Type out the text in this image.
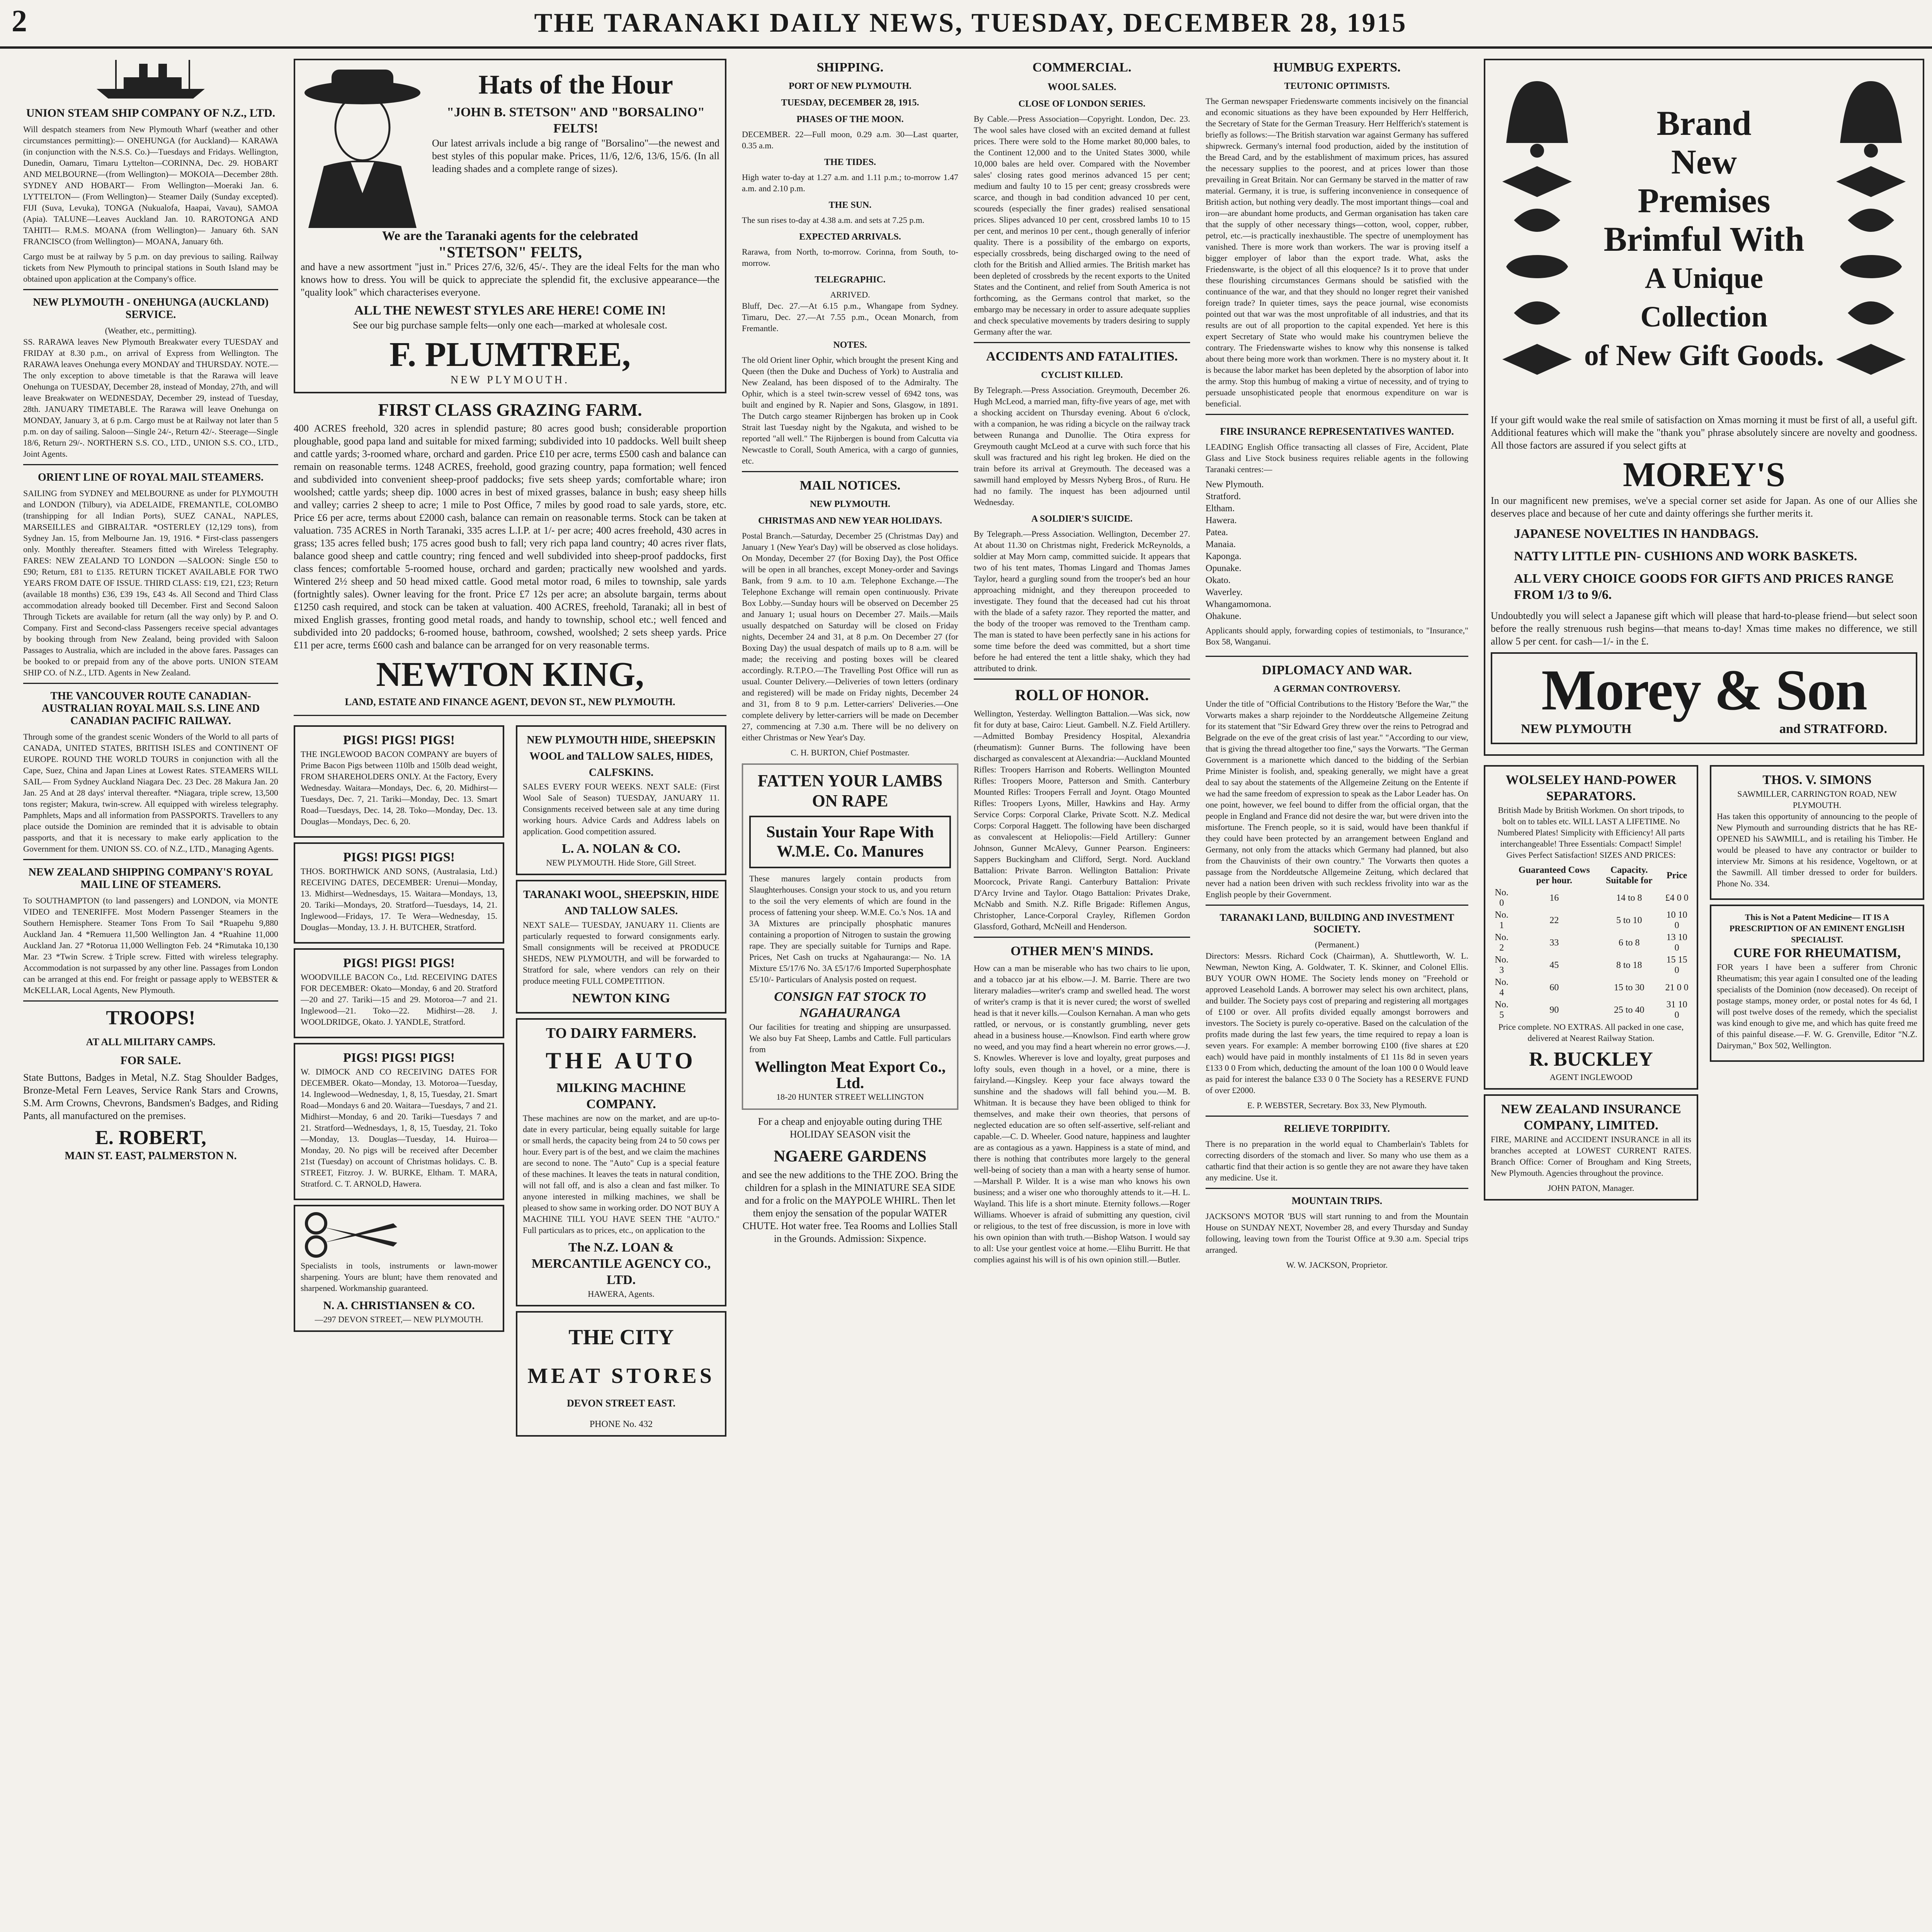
2	THE TARANAKI DAILY NEWS, TUESDAY, DECEMBER 28, 1915
UNION STEAM SHIP COMPANY OF N.Z., LTD.

Will despatch steamers from New Plymouth Wharf (weather and other circumstances permitting):— ONEHUNGA (for Auckland)— KARAWA (in conjunction with the N.S.S. Co.)—Tuesdays and Fridays. Wellington, Dunedin, Oamaru, Timaru Lyttelton—CORINNA, Dec. 29. HOBART AND MELBOURNE—(from Wellington)— MOKOIA—December 28th. SYDNEY AND HOBART— From Wellington—Moeraki Jan. 6. LYTTELTON— (From Wellington)— Steamer Daily (Sunday excepted). FIJI (Suva, Levuka), TONGA (Nukualofa, Haapai, Vavau), SAMOA (Apia). TALUNE—Leaves Auckland Jan. 10. RAROTONGA AND TAHITI— R.M.S. MOANA (from Wellington)— January 6th. SAN FRANCISCO (from Wellington)— MOANA, January 6th.

Cargo must be at railway by 5 p.m. on day previous to sailing. Railway tickets from New Plymouth to principal stations in South Island may be obtained upon application at the Company's office.

NEW PLYMOUTH - ONEHUNGA (AUCKLAND) SERVICE.
(Weather, etc., permitting).

SS. RARAWA leaves New Plymouth Breakwater every TUESDAY and FRIDAY at 8.30 p.m., on arrival of Express from Wellington. The RARAWA leaves Onehunga every MONDAY and THURSDAY. NOTE.—The only exception to above timetable is that the Rarawa will leave Onehunga on TUESDAY, December 28, instead of Monday, 27th, and will leave Breakwater on WEDNESDAY, December 29, instead of Tuesday, 28th. JANUARY TIMETABLE. The Rarawa will leave Onehunga on MONDAY, January 3, at 6 p.m. Cargo must be at Railway not later than 5 p.m. on day of sailing. Saloon—Single 24/-, Return 42/-. Steerage—Single 18/6, Return 29/-. NORTHERN S.S. CO., LTD., UNION S.S. CO., LTD., Joint Agents.

ORIENT LINE OF ROYAL MAIL STEAMERS.

SAILING from SYDNEY and MELBOURNE as under for PLYMOUTH and LONDON (Tilbury), via ADELAIDE, FREMANTLE, COLOMBO (transhipping for all Indian Ports), SUEZ CANAL, NAPLES, MARSEILLES and GIBRALTAR. *OSTERLEY (12,129 tons), from Sydney Jan. 15, from Melbourne Jan. 19, 1916. * First-class passengers only. Monthly thereafter. Steamers fitted with Wireless Telegraphy. FARES: NEW ZEALAND TO LONDON —SALOON: Single £50 to £90; Return, £81 to £135. RETURN TICKET AVAILABLE FOR TWO YEARS FROM DATE OF ISSUE. THIRD CLASS: £19, £21, £23; Return (available 18 months) £36, £39 19s, £43 4s. All Second and Third Class accommodation already booked till December. First and Second Saloon Through Tickets are available for return (all the way only) by P. and O. Company. First and Second-class Passengers receive special advantages by booking through from New Zealand, being provided with Saloon Passages to Australia, which are included in the above fares. Passages can be booked to or prepaid from any of the above ports. UNION STEAM SHIP CO. of N.Z., LTD. Agents in New Zealand.

THE VANCOUVER ROUTE CANADIAN-AUSTRALIAN ROYAL MAIL S.S. LINE AND CANADIAN PACIFIC RAILWAY.

Through some of the grandest scenic Wonders of the World to all parts of CANADA, UNITED STATES, BRITISH ISLES and CONTINENT OF EUROPE. ROUND THE WORLD TOURS in conjunction with all the Cape, Suez, China and Japan Lines at Lowest Rates. STEAMERS WILL SAIL— From Sydney Auckland Niagara Dec. 23 Dec. 28 Makura Jan. 20 Jan. 25 And at 28 days' interval thereafter. *Niagara, triple screw, 13,500 tons register; Makura, twin-screw. All equipped with wireless telegraphy. Pamphlets, Maps and all information from PASSPORTS. Travellers to any place outside the Dominion are reminded that it is advisable to obtain passports, and that it is necessary to make early application to the Government for them. UNION SS. CO. of N.Z., LTD., Managing Agents.

NEW ZEALAND SHIPPING COMPANY'S ROYAL MAIL LINE OF STEAMERS.

To SOUTHAMPTON (to land passengers) and LONDON, via MONTE VIDEO and TENERIFFE. Most Modern Passenger Steamers in the Southern Hemisphere. Steamer Tons From To Sail *Ruapehu 9,880 Auckland Jan. 4 *Remuera 11,500 Wellington Jan. 4 *Ruahine 11,000 Auckland Jan. 27 *Rotorua 11,000 Wellington Feb. 24 *Rimutaka 10,130 Mar. 23 *Twin Screw. ‡Triple screw. Fitted with wireless telegraphy. Accommodation is not surpassed by any other line. Passages from London can be arranged at this end. For freight or passage apply to WEBSTER & McKELLAR, Local Agents, New Plymouth.

TROOPS!
AT ALL MILITARY CAMPS.
FOR SALE.

State Buttons, Badges in Metal, N.Z. Stag Shoulder Badges, Bronze-Metal Fern Leaves, Service Rank Stars and Crowns, S.M. Arm Crowns, Chevrons, Bandsmen's Badges, and Riding Pants, all manufactured on the premises.

E. ROBERT,
MAIN ST. EAST, PALMERSTON N.
Hats of the Hour
"JOHN B. STETSON" AND "BORSALINO" FELTS!

Our latest arrivals include a big range of "Borsalino"—the newest and best styles of this popular make. Prices, 11/6, 12/6, 13/6, 15/6. (In all leading shades and a complete range of sizes).

We are the Taranaki agents for the celebrated
"STETSON" FELTS,

and have a new assortment "just in." Prices 27/6, 32/6, 45/-. They are the ideal Felts for the man who knows how to dress. You will be quick to appreciate the splendid fit, the exclusive appearance—the "quality look" which characterises everyone.

ALL THE NEWEST STYLES ARE HERE! COME IN!

See our big purchase sample felts—only one each—marked at wholesale cost.

F. PLUMTREE,
NEW PLYMOUTH.
FIRST CLASS GRAZING FARM.

400 ACRES freehold, 320 acres in splendid pasture; 80 acres good bush; considerable proportion ploughable, good papa land and suitable for mixed farming; subdivided into 10 paddocks. Well built sheep and cattle yards; 3-roomed whare, orchard and garden. Price £10 per acre, terms £500 cash and balance can remain on reasonable terms. 1248 ACRES, freehold, good grazing country, papa formation; well fenced and subdivided into convenient sheep-proof paddocks; five sets sheep yards; comfortable whare; iron woolshed; cattle yards; sheep dip. 1000 acres in best of mixed grasses, balance in bush; easy sheep hills and valley; carries 2 sheep to acre; 1 mile to Post Office, 7 miles by good road to sale yards, store, etc. Price £6 per acre, terms about £2000 cash, balance can remain on reasonable terms. Stock can be taken at valuation. 735 ACRES in North Taranaki, 335 acres L.I.P. at 1/- per acre; 400 acres freehold, 430 acres in grass; 135 acres felled bush; 175 acres good bush to fall; very rich papa land country; 40 acres river flats, balance good sheep and cattle country; ring fenced and well subdivided into sheep-proof paddocks, first class fences; comfortable 5-roomed house, orchard and garden; practically new woolshed and yards. Wintered 2½ sheep and 50 head mixed cattle. Good metal motor road, 6 miles to township, sale yards (fortnightly sales). Owner leaving for the front. Price £7 12s per acre; an absolute bargain, terms about £1250 cash required, and stock can be taken at valuation. 400 ACRES, freehold, Taranaki; all in best of mixed English grasses, fronting good metal roads, and handy to township, school etc.; well fenced and subdivided into 20 paddocks; 6-roomed house, bathroom, cowshed, woolshed; 2 sets sheep yards. Price £11 per acre, terms £600 cash and balance can be arranged for on very reasonable terms.

NEWTON KING,
LAND, ESTATE AND FINANCE AGENT, DEVON ST., NEW PLYMOUTH.
PIGS! PIGS! PIGS!

THE INGLEWOOD BACON COMPANY are buyers of Prime Bacon Pigs between 110lb and 150lb dead weight, FROM SHAREHOLDERS ONLY. At the Factory, Every Wednesday. Waitara—Mondays, Dec. 6, 20. Midhirst—Tuesdays, Dec. 7, 21. Tariki—Monday, Dec. 13. Smart Road—Tuesdays, Dec. 14, 28. Toko—Monday, Dec. 13. Douglas—Mondays, Dec. 6, 20.

PIGS! PIGS! PIGS!

THOS. BORTHWICK AND SONS, (Australasia, Ltd.) RECEIVING DATES, DECEMBER: Urenui—Monday, 13. Midhirst—Wednesdays, 15. Waitara—Mondays, 13, 20. Tariki—Mondays, 20. Stratford—Tuesdays, 14, 21. Inglewood—Fridays, 17. Te Wera—Wednesday, 15. Douglas—Monday, 13. J. H. BUTCHER, Stratford.

PIGS! PIGS! PIGS!

WOODVILLE BACON Co., Ltd. RECEIVING DATES FOR DECEMBER: Okato—Monday, 6 and 20. Stratford—20 and 27. Tariki—15 and 29. Motoroa—7 and 21. Inglewood—21. Toko—22. Midhirst—28. J. WOOLDRIDGE, Okato. J. YANDLE, Stratford.

PIGS! PIGS! PIGS!

W. DIMOCK AND CO RECEIVING DATES FOR DECEMBER. Okato—Monday, 13. Motoroa—Tuesday, 14. Inglewood—Wednesday, 1, 8, 15, Tuesday, 21. Smart Road—Mondays 6 and 20. Waitara—Tuesdays, 7 and 21. Midhirst—Monday, 6 and 20. Tariki—Tuesdays 7 and 21. Stratford—Wednesdays, 1, 8, 15, Tuesday, 21. Toko—Monday, 13. Douglas—Tuesday, 14. Huiroa—Monday, 20. No pigs will be received after December 21st (Tuesday) on account of Christmas holidays. C. B. STREET, Fitzroy. J. W. BURKE, Eltham. T. MARA, Stratford. C. T. ARNOLD, Hawera.

Specialists in tools, instruments or lawn-mower sharpening. Yours are blunt; have them renovated and sharpened. Workmanship guaranteed.

N. A. CHRISTIANSEN & CO.
—297 DEVON STREET,— NEW PLYMOUTH.
NEW PLYMOUTH HIDE, SHEEPSKIN WOOL and TALLOW SALES, HIDES, CALFSKINS.

SALES EVERY FOUR WEEKS. NEXT SALE: (First Wool Sale of Season) TUESDAY, JANUARY 11. Consignments received between sale at any time during working hours. Advice Cards and Address labels on application. Good competition assured.

L. A. NOLAN & CO.
NEW PLYMOUTH. Hide Store, Gill Street.
TARANAKI WOOL, SHEEPSKIN, HIDE AND TALLOW SALES.

NEXT SALE— TUESDAY, JANUARY 11. Clients are particularly requested to forward consignments early. Small consignments will be received at PRODUCE SHEDS, NEW PLYMOUTH, and will be forwarded to Stratford for sale, where vendors can rely on their produce meeting FULL COMPETITION.

NEWTON KING
TO DAIRY FARMERS.
THE AUTO
MILKING MACHINE COMPANY.

These machines are now on the market, and are up-to-date in every particular, being equally suitable for large or small herds, the capacity being from 24 to 50 cows per hour. Every part is of the best, and we claim the machines are second to none. The "Auto" Cup is a special feature of these machines. It leaves the teats in natural condition, will not fall off, and is also a clean and fast milker. To anyone interested in milking machines, we shall be pleased to show same in working order. DO NOT BUY A MACHINE TILL YOU HAVE SEEN THE "AUTO." Full particulars as to prices, etc., on application to the

The N.Z. LOAN & MERCANTILE AGENCY CO., LTD.
HAWERA, Agents.
THE CITY
MEAT STORES
DEVON STREET EAST.
PHONE No. 432
SHIPPING.
PORT OF NEW PLYMOUTH.
TUESDAY, DECEMBER 28, 1915.
PHASES OF THE MOON.

DECEMBER. 22—Full moon, 0.29 a.m. 30—Last quarter, 0.35 a.m.

THE TIDES.

High water to-day at 1.27 a.m. and 1.11 p.m.; to-morrow 1.47 a.m. and 2.10 p.m.

THE SUN.

The sun rises to-day at 4.38 a.m. and sets at 7.25 p.m.

EXPECTED ARRIVALS.

Rarawa, from North, to-morrow. Corinna, from South, to-morrow.

TELEGRAPHIC.
ARRIVED.

Bluff, Dec. 27.—At 6.15 p.m., Whangape from Sydney. Timaru, Dec. 27.—At 7.55 p.m., Ocean Monarch, from Fremantle.

NOTES.

The old Orient liner Ophir, which brought the present King and Queen (then the Duke and Duchess of York) to Australia and New Zealand, has been disposed of to the Admiralty. The Ophir, which is a steel twin-screw vessel of 6942 tons, was built and engined by R. Napier and Sons, Glasgow, in 1891. The Dutch cargo steamer Rijnbergen has broken up in Cook Strait last Tuesday night by the Ngakuta, and wished to be reported "all well." The Rijnbergen is bound from Calcutta via Newcastle to Corall, South America, with a cargo of gunnies, etc.

MAIL NOTICES.
NEW PLYMOUTH.
CHRISTMAS AND NEW YEAR HOLIDAYS.

Postal Branch.—Saturday, December 25 (Christmas Day) and January 1 (New Year's Day) will be observed as close holidays. On Monday, December 27 (for Boxing Day), the Post Office will be open in all branches, except Money-order and Savings Bank, from 9 a.m. to 10 a.m. Telephone Exchange.—The Telephone Exchange will remain open continuously. Private Box Lobby.—Sunday hours will be observed on December 25 and January 1; usual hours on December 27. Mails.—Mails usually despatched on Saturday will be closed on Friday nights, December 24 and 31, at 8 p.m. On December 27 (for Boxing Day) the usual despatch of mails up to 8 a.m. will be made; the receiving and posting boxes will be cleared accordingly. R.T.P.O.—The Travelling Post Office will run as usual. Counter Delivery.—Deliveries of town letters (ordinary and registered) will be made on Friday nights, December 24 and 31, from 8 to 9 p.m. Letter-carriers' Deliveries.—One complete delivery by letter-carriers will be made on December 27, commencing at 7.30 a.m. There will be no delivery on either Christmas or New Year's Day.

C. H. BURTON, Chief Postmaster.
FATTEN YOUR LAMBS ON RAPE
Sustain Your Rape With W.M.E. Co. Manures

These manures largely contain products from Slaughterhouses. Consign your stock to us, and you return to the soil the very elements of which are found in the process of fattening your sheep. W.M.E. Co.'s Nos. 1A and 3A Mixtures are principally phosphatic manures containing a proportion of Nitrogen to sustain the growing rape. They are specially suitable for Turnips and Rape. Prices, Net Cash on trucks at Ngahauranga:— No. 1A Mixture £5/17/6 No. 3A £5/17/6 Imported Superphosphate £5/10/- Particulars of Analysis posted on request.

CONSIGN FAT STOCK TO NGAHAURANGA

Our facilities for treating and shipping are unsurpassed. We also buy Fat Sheep, Lambs and Cattle. Full particulars from

Wellington Meat Export Co., Ltd.
18-20 HUNTER STREET WELLINGTON

For a cheap and enjoyable outing during THE HOLIDAY SEASON visit the

NGAERE GARDENS

and see the new additions to the THE ZOO. Bring the children for a splash in the MINIATURE SEA SIDE and for a frolic on the MAYPOLE WHIRL. Then let them enjoy the sensation of the popular WATER CHUTE. Hot water free. Tea Rooms and Lollies Stall in the Grounds. Admission: Sixpence.

COMMERCIAL.
WOOL SALES.
CLOSE OF LONDON SERIES.

By Cable.—Press Association—Copyright. London, Dec. 23. The wool sales have closed with an excited demand at fullest prices. There were sold to the Home market 80,000 bales, to the Continent 12,000 and to the United States 3000, while 10,000 bales are held over. Compared with the November sales' closing rates good merinos advanced 15 per cent; medium and faulty 10 to 15 per cent; greasy crossbreds were scarce, and though in bad condition advanced 10 per cent, scoureds (especially the finer grades) realised sensational prices. Slipes advanced 10 per cent, crossbred lambs 10 to 15 per cent, and merinos 10 per cent., though generally of inferior quality. There is a possibility of the embargo on exports, especially crossbreds, being discharged owing to the need of cloth for the British and Allied armies. The British market has been depleted of crossbreds by the recent exports to the United States and the Continent, and relief from South America is not forthcoming, as the Germans control that market, so the embargo may be necessary in order to assure adequate supplies and check speculative movements by traders desiring to supply Germany after the war.

ACCIDENTS AND FATALITIES.
CYCLIST KILLED.

By Telegraph.—Press Association. Greymouth, December 26. Hugh McLeod, a married man, fifty-five years of age, met with a shocking accident on Thursday evening. About 6 o'clock, with a companion, he was riding a bicycle on the railway track between Runanga and Dunollie. The Otira express for Greymouth caught McLeod at a curve with such force that his skull was fractured and his right leg broken. He died on the train before its arrival at Greymouth. The deceased was a sawmill hand employed by Messrs Nyberg Bros., of Ruru. He had no family. The inquest has been adjourned until Wednesday.

A SOLDIER'S SUICIDE.

By Telegraph.—Press Association. Wellington, December 27. At about 11.30 on Christmas night, Frederick McReynolds, a soldier at May Morn camp, committed suicide. It appears that two of his tent mates, Thomas Lingard and Thomas James Taylor, heard a gurgling sound from the trooper's bed an hour approaching midnight, and they thereupon proceeded to investigate. They found that the deceased had cut his throat with the blade of a safety razor. They reported the matter, and the body of the trooper was removed to the Trentham camp. The man is stated to have been perfectly sane in his actions for some time before the deed was committed, but a short time before he had entered the tent a little shaky, which they had attributed to drink.

ROLL OF HONOR.

Wellington, Yesterday. Wellington Battalion.—Was sick, now fit for duty at base, Cairo: Lieut. Gambell. N.Z. Field Artillery.—Admitted Bombay Presidency Hospital, Alexandria (rheumatism): Gunner Burns. The following have been discharged as convalescent at Alexandria:—Auckland Mounted Rifles: Troopers Harrison and Roberts. Wellington Mounted Rifles: Troopers Moore, Patterson and Smith. Canterbury Mounted Rifles: Troopers Ferrall and Joynt. Otago Mounted Rifles: Troopers Lyons, Miller, Hawkins and Hay. Army Service Corps: Corporal Clarke, Private Scott. N.Z. Medical Corps: Corporal Haggett. The following have been discharged as convalescent at Heliopolis:—Field Artillery: Gunner Johnson, Gunner McAlevy, Gunner Pearson. Engineers: Sappers Buckingham and Clifford, Sergt. Nord. Auckland Battalion: Private Barron. Wellington Battalion: Private Moorcock, Private Rangi. Canterbury Battalion: Private D'Arcy Irvine and Taylor. Otago Battalion: Privates Drake, McNabb and Smith. N.Z. Rifle Brigade: Riflemen Angus, Christopher, Lance-Corporal Crayley, Riflemen Gordon Glassford, Gothard, McNeill and Henderson.

OTHER MEN'S MINDS.

How can a man be miserable who has two chairs to lie upon, and a tobacco jar at his elbow.—J. M. Barrie. There are two literary maladies—writer's cramp and swelled head. The worst of writer's cramp is that it is never cured; the worst of swelled head is that it never kills.—Coulson Kernahan. A man who gets rattled, or nervous, or is constantly grumbling, never gets ahead in a business house.—Knowlson. Find earth where grow no weed, and you may find a heart wherein no error grows.—J. S. Knowles. Wherever is love and loyalty, great purposes and lofty souls, even though in a hovel, or a mine, there is fairyland.—Kingsley. Keep your face always toward the sunshine and the shadows will fall behind you.—M. B. Whitman. It is because they have been obliged to think for themselves, and make their own theories, that persons of neglected education are so often self-assertive, self-reliant and capable.—C. D. Wheeler. Good nature, happiness and laughter are as contagious as a yawn. Happiness is a state of mind, and there is nothing that contributes more largely to the general well-being of society than a man with a hearty sense of humor.—Marshall P. Wilder. It is a wise man who knows his own business; and a wiser one who thoroughly attends to it.—H. L. Wayland. This life is a short minute. Eternity follows.—Roger Williams. Whoever is afraid of submitting any question, civil or religious, to the test of free discussion, is more in love with his own opinion than with truth.—Bishop Watson. I would say to all: Use your gentlest voice at home.—Elihu Burritt. He that complies against his will is of his own opinion still.—Butler.

HUMBUG EXPERTS.
TEUTONIC OPTIMISTS.

The German newspaper Friedenswarte comments incisively on the financial and economic situations as they have been expounded by Herr Helfferich, the Secretary of State for the German Treasury. Herr Helfferich's statement is briefly as follows:—The British starvation war against Germany has suffered shipwreck. Germany's internal food production, aided by the institution of the Bread Card, and by the establishment of maximum prices, has assured the necessary supplies to the poorest, and at prices lower than those prevailing in Great Britain. Nor can Germany be starved in the matter of raw material. Germany, it is true, is suffering inconvenience in consequence of British action, but nothing very deadly. The most important things—coal and iron—are abundant home products, and German organisation has taken care that the supply of other necessary things—cotton, wool, copper, rubber, petrol, etc.—is practically inexhaustible. The spectre of unemployment has vanished. There is more work than workers. The war is proving itself a bigger employer of labor than the export trade. What, asks the Friedenswarte, is the object of all this eloquence? Is it to prove that under these flourishing circumstances Germans should be satisfied with the continuance of the war, and that they should no longer regret their vanished foreign trade? In quieter times, says the peace journal, wise economists pointed out that war was the most unprofitable of all industries, and that its results are out of all proportion to the capital expended. Yet here is this expert Secretary of State who would make his countrymen believe the contrary. The Friedenswarte wishes to know why this nonsense is talked about there being more work than workmen. There is no mystery about it. It is because the labor market has been depleted by the absorption of labor into the army. Stop this humbug of making a virtue of necessity, and of trying to persuade unsophisticated people that enormous expenditure on war is beneficial.

FIRE INSURANCE REPRESENTATIVES WANTED.

LEADING English Office transacting all classes of Fire, Accident, Plate Glass and Live Stock business requires reliable agents in the following Taranaki centres:—

New Plymouth.
Stratford.
Eltham.
Hawera.
Patea.
Manaia.
Kaponga.
Opunake.
Okato.
Waverley.
Whangamomona.
Ohakune.

Applicants should apply, forwarding copies of testimonials, to "Insurance," Box 58, Wanganui.

DIPLOMACY AND WAR.
A GERMAN CONTROVERSY.

Under the title of "Official Contributions to the History 'Before the War,'" the Vorwarts makes a sharp rejoinder to the Norddeutsche Allgemeine Zeitung for its statement that "Sir Edward Grey threw over the reins to Petrograd and Belgrade on the eve of the great crisis of last year." "According to our view, that is giving the thread altogether too fine," says the Vorwarts. "The German Government is a marionette which danced to the bidding of the Serbian Prime Minister is foolish, and, speaking generally, we might have a great deal to say about the statements of the Allgemeine Zeitung on the Entente if we had the same freedom of expression to speak as the Labor Leader has. On one point, however, we feel bound to differ from the official organ, that the people in England and France did not desire the war, but were driven into the misfortune. The French people, so it is said, would have been thankful if they could have been protected by an arrangement between England and Germany, not only from the attacks which Germany had planned, but also from the Chauvinists of their own country." The Vorwarts then quotes a passage from the Norddeutsche Allgemeine Zeitung, which declared that never had a nation been driven with such reckless frivolity into war as the English people by their Government.

TARANAKI LAND, BUILDING AND INVESTMENT SOCIETY.
(Permanent.)

Directors: Messrs. Richard Cock (Chairman), A. Shuttleworth, W. L. Newman, Newton King, A. Goldwater, T. K. Skinner, and Colonel Ellis. BUY YOUR OWN HOME. The Society lends money on "Freehold or approved Leasehold Lands. A borrower may select his own architect, plans, and builder. The Society pays cost of preparing and registering all mortgages of £100 or over. All profits divided equally amongst borrowers and investors. The Society is purely co-operative. Based on the calculation of the profits made during the last few years, the time required to repay a loan is seven years. For example: A member borrowing £100 (five shares at £20 each) would have paid in monthly instalments of £1 11s 8d in seven years £133 0 0 From which, deducting the amount of the loan 100 0 0 Would leave as paid for interest the balance £33 0 0 The Society has a RESERVE FUND of over £2000.

E. P. WEBSTER, Secretary. Box 33, New Plymouth.
RELIEVE TORPIDITY.

There is no preparation in the world equal to Chamberlain's Tablets for correcting disorders of the stomach and liver. So many who use them as a cathartic find that their action is so gentle they are not aware they have taken any medicine. Use it.

MOUNTAIN TRIPS.

JACKSON'S MOTOR 'BUS will start running to and from the Mountain House on SUNDAY NEXT, November 28, and every Thursday and Sunday following, leaving town from the Tourist Office at 9.30 a.m. Special trips arranged.

W. W. JACKSON, Proprietor.
Brand
New
Premises
Brimful With
A Unique Collection
of New Gift Goods.

If your gift would wake the real smile of satisfaction on Xmas morning it must be first of all, a useful gift. Additional features which will make the "thank you" phrase absolutely sincere are novelty and goodness. All those factors are assured if you select gifts at

MOREY'S

In our magnificent new premises, we've a special corner set aside for Japan. As one of our Allies she deserves place and because of her cute and dainty offerings she further merits it.

JAPANESE NOVELTIES IN HANDBAGS.
NATTY LITTLE PIN- CUSHIONS AND WORK BASKETS.
ALL VERY CHOICE GOODS FOR GIFTS AND PRICES RANGE FROM 1/3 to 9/6.

Undoubtedly you will select a Japanese gift which will please that hard-to-please friend—but select soon before the really strenuous rush begins—that means to-day! Xmas time makes no difference, we still allow 5 per cent. for cash—1/- in the £.

Morey & Son
NEW PLYMOUTH	and STRATFORD.
WOLSELEY HAND-POWER SEPARATORS.

British Made by British Workmen. On short tripods, to bolt on to tables etc. WILL LAST A LIFETIME. No Numbered Plates! Simplicity with Efficiency! All parts interchangeable! Three Essentials: Compact! Simple! Gives Perfect Satisfaction! SIZES AND PRICES:

	Guaranteed Cows per hour.	Capacity. Suitable for	Price
No. 0	16	14 to 8	£4 0 0
No. 1	22	5 to 10	10 10 0
No. 2	33	6 to 8	13 10 0
No. 3	45	8 to 18	15 15 0
No. 4	60	15 to 30	21 0 0
No. 5	90	25 to 40	31 10 0

Price complete. NO EXTRAS. All packed in one case, delivered at Nearest Railway Station.

R. BUCKLEY
AGENT INGLEWOOD
NEW ZEALAND INSURANCE COMPANY, LIMITED.

FIRE, MARINE and ACCIDENT INSURANCE in all its branches accepted at LOWEST CURRENT RATES. Branch Office: Corner of Brougham and King Streets, New Plymouth. Agencies throughout the province.

JOHN PATON, Manager.
THOS. V. SIMONS
SAWMILLER, CARRINGTON ROAD, NEW PLYMOUTH.

Has taken this opportunity of announcing to the people of New Plymouth and surrounding districts that he has RE-OPENED his SAWMILL, and is retailing his Timber. He would be pleased to have any contractor or builder to interview Mr. Simons at his residence, Vogeltown, or at the Sawmill. All timber dressed to order for builders. Phone No. 334.

This is Not a Patent Medicine— IT IS A PRESCRIPTION OF AN EMINENT ENGLISH SPECIALIST.
CURE FOR RHEUMATISM,

FOR years I have been a sufferer from Chronic Rheumatism; this year again I consulted one of the leading specialists of the Dominion (now deceased). On receipt of postage stamps, money order, or postal notes for 4s 6d, I will post twelve doses of the remedy, which the specialist was kind enough to give me, and which has quite freed me of this painful disease.—F. W. G. Grenville, Editor "N.Z. Dairyman," Box 502, Wellington.
